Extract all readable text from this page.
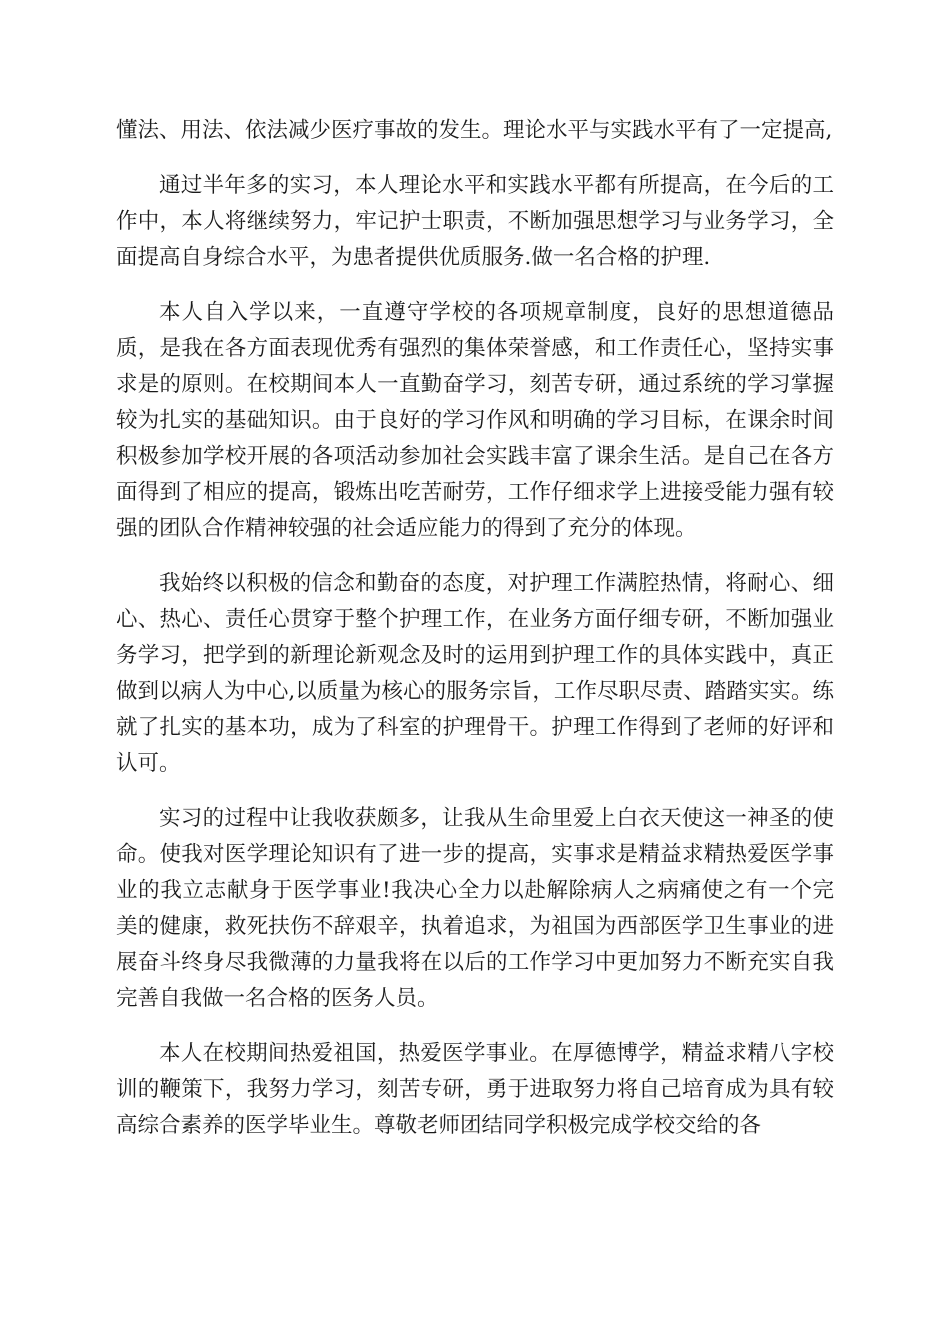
懂法、用法、依法减少医疗事故的发生。理论水平与实践水平有了一定提高,

通过半年多的实习，本人理论水平和实践水平都有所提高，在今后的工作中，本人将继续努力，牢记护士职责，不断加强思想学习与业务学习，全面提高自身综合水平，为患者提供优质服务.做一名合格的护理.

本人自入学以来，一直遵守学校的各项规章制度，良好的思想道德品质，是我在各方面表现优秀有强烈的集体荣誉感，和工作责任心，坚持实事求是的原则。在校期间本人一直勤奋学习，刻苦专研，通过系统的学习掌握较为扎实的基础知识。由于良好的学习作风和明确的学习目标，在课余时间积极参加学校开展的各项活动参加社会实践丰富了课余生活。是自己在各方面得到了相应的提高，锻炼出吃苦耐劳，工作仔细求学上进接受能力强有较强的团队合作精神较强的社会适应能力的得到了充分的体现。

我始终以积极的信念和勤奋的态度，对护理工作满腔热情，将耐心、细心、热心、责任心贯穿于整个护理工作，在业务方面仔细专研，不断加强业务学习，把学到的新理论新观念及时的运用到护理工作的具体实践中，真正做到以病人为中心,以质量为核心的服务宗旨，工作尽职尽责、踏踏实实。练就了扎实的基本功，成为了科室的护理骨干。护理工作得到了老师的好评和认可。

实习的过程中让我收获颇多，让我从生命里爱上白衣天使这一神圣的使命。使我对医学理论知识有了进一步的提高，实事求是精益求精热爱医学事业的我立志献身于医学事业!我决心全力以赴解除病人之病痛使之有一个完美的健康，救死扶伤不辞艰辛，执着追求，为祖国为西部医学卫生事业的进展奋斗终身尽我微薄的力量我将在以后的工作学习中更加努力不断充实自我完善自我做一名合格的医务人员。

本人在校期间热爱祖国，热爱医学事业。在厚德博学，精益求精八字校训的鞭策下，我努力学习，刻苦专研，勇于进取努力将自己培育成为具有较高综合素养的医学毕业生。尊敬老师团结同学积极完成学校交给的各
